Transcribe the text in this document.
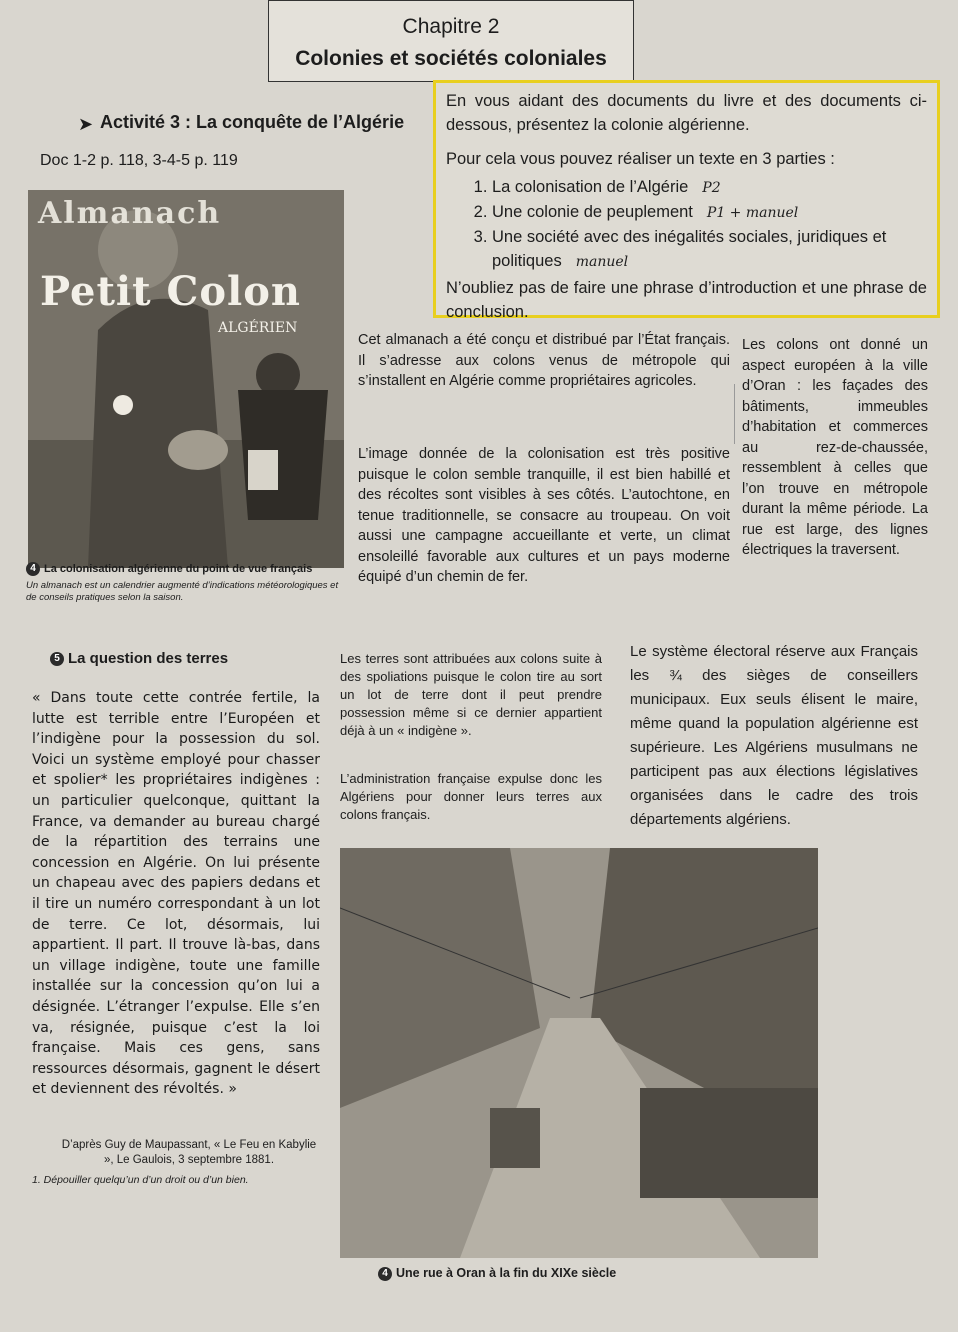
Chapitre 2
Colonies et sociétés coloniales
➤ Activité 3 : La conquête de l’Algérie
Doc 1-2 p. 118, 3-4-5 p. 119

En vous aidant des documents du livre et des documents ci-dessous, présentez la colonie algérienne.

Pour cela vous pouvez réaliser un texte en 3 parties :

1. La colonisation de l’Algérie P2
2. Une colonie de peuplement P1 + manuel
3. Une société avec des inégalités sociales, juridiques et politiques manuel

N’oubliez pas de faire une phrase d’introduction et une phrase de conclusion.

Almanach
Petit Colon
ALGÉRIEN
4 La colonisation algérienne du point de vue français
Un almanach est un calendrier augmenté d’indications météorologiques et de conseils pratiques selon la saison.
Cet almanach a été conçu et distribué par l’État français. Il s’adresse aux colons venus de métropole qui s’installent en Algérie comme propriétaires agricoles.
L’image donnée de la colonisation est très positive puisque le colon semble tranquille, il est bien habillé et des récoltes sont visibles à ses côtés. L’autochtone, en tenue traditionnelle, se consacre au troupeau. On voit aussi une campagne accueillante et verte, un climat ensoleillé favorable aux cultures et un pays moderne équipé d’un chemin de fer.
Les colons ont donné un aspect européen à la ville d’Oran : les façades des bâtiments, immeubles d’habitation et commerces au rez-de-chaussée, ressemblent à celles que l’on trouve en métropole durant la même période. La rue est large, des lignes électriques la traversent.
5 La question des terres
« Dans toute cette contrée fertile, la lutte est terrible entre l’Européen et l’indigène pour la possession du sol. Voici un système employé pour chasser et spolier* les propriétaires indigènes : un particulier quelconque, quittant la France, va demander au bureau chargé de la répartition des terrains une concession en Algérie. On lui présente un chapeau avec des papiers dedans et il tire un numéro correspondant à un lot de terre. Ce lot, désormais, lui appartient. Il part. Il trouve là-bas, dans un village indigène, toute une famille installée sur la concession qu’on lui a désignée. L’étranger l’expulse. Elle s’en va, résignée, puisque c’est la loi française. Mais ces gens, sans ressources désormais, gagnent le désert et deviennent des révoltés. »
D’après Guy de Maupassant, « Le Feu en Kabylie », Le Gaulois, 3 septembre 1881.
1. Dépouiller quelqu’un d’un droit ou d’un bien.
Les terres sont attribuées aux colons suite à des spoliations puisque le colon tire au sort un lot de terre dont il peut prendre possession même si ce dernier appartient déjà à un « indigène ».
L’administration française expulse donc les Algériens pour donner leurs terres aux colons français.
Le système électoral réserve aux Français les ¾ des sièges de conseillers municipaux. Eux seuls élisent le maire, même quand la population algérienne est supérieure. Les Algériens musulmans ne participent pas aux élections législatives organisées dans le cadre des trois départements algériens.
4 Une rue à Oran à la fin du XIXe siècle
